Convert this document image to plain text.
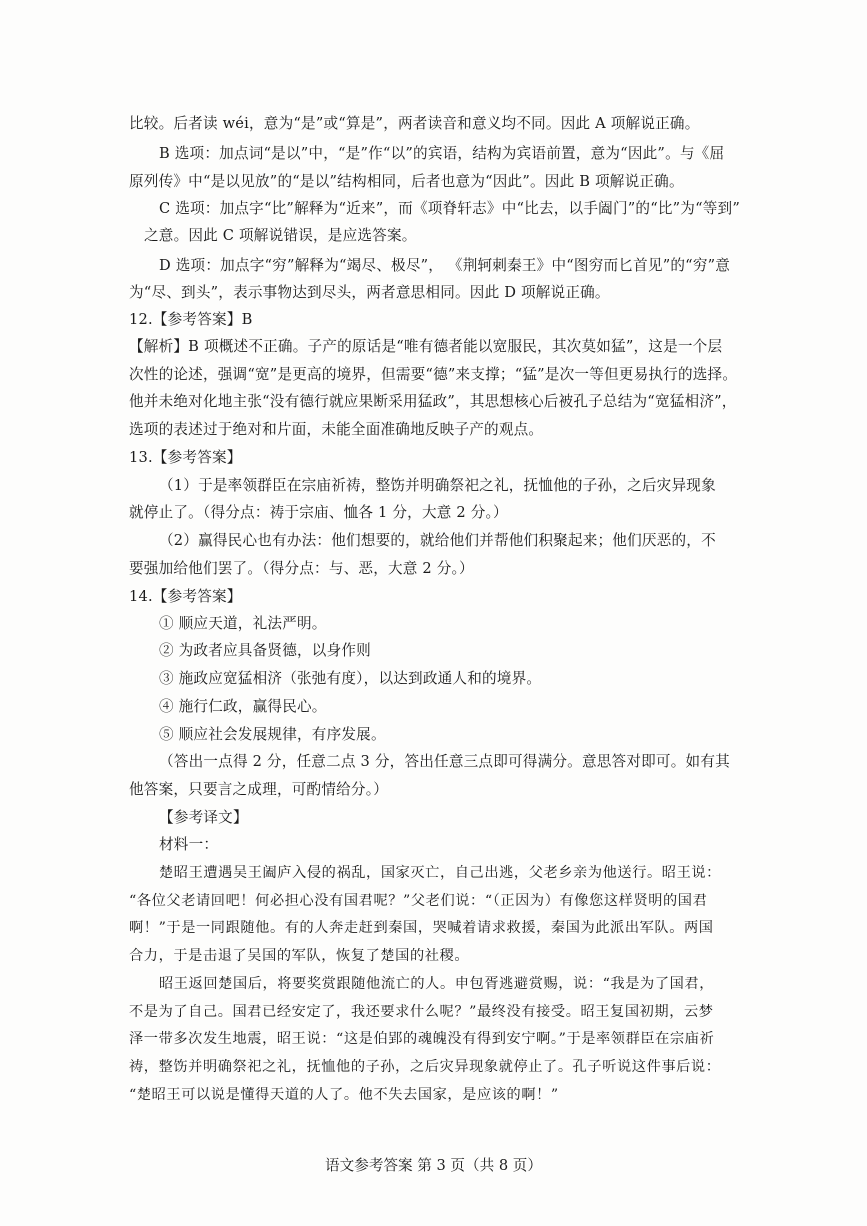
比较。后者读 wéi，意为“是”或“算是”，两者读音和意义均不同。因此 A 项解说正确。
B 选项：加点词“是以”中，“是”作“以”的宾语，结构为宾语前置，意为“因此”。与《屈
原列传》中“是以见放”的“是以”结构相同，后者也意为“因此”。因此 B 项解说正确。
C 选项：加点字“比”解释为“近来”，而《项脊轩志》中“比去，以手阖门”的“比”为“等到”
之意。因此 C 项解说错误，是应选答案。
D 选项：加点字“穷”解释为“竭尽、极尽”， 《荆轲刺秦王》中“图穷而匕首见”的“穷”意
为“尽、到头”，表示事物达到尽头，两者意思相同。因此 D 项解说正确。
12.【参考答案】B
【解析】B 项概述不正确。子产的原话是“唯有德者能以宽服民，其次莫如猛”，这是一个层
次性的论述，强调“宽”是更高的境界，但需要“德”来支撑；“猛”是次一等但更易执行的选择。
他并未绝对化地主张“没有德行就应果断采用猛政”，其思想核心后被孔子总结为“宽猛相济”，
选项的表述过于绝对和片面，未能全面准确地反映子产的观点。
13.【参考答案】
（1）于是率领群臣在宗庙祈祷，整饬并明确祭祀之礼，抚恤他的子孙，之后灾异现象
就停止了。（得分点：祷于宗庙、恤各 1 分，大意 2 分。）
（2）赢得民心也有办法：他们想要的，就给他们并帮他们积聚起来；他们厌恶的，不
要强加给他们罢了。（得分点：与、恶，大意 2 分。）
14.【参考答案】
① 顺应天道，礼法严明。
② 为政者应具备贤德，以身作则
③ 施政应宽猛相济（张弛有度），以达到政通人和的境界。
④ 施行仁政，赢得民心。
⑤ 顺应社会发展规律，有序发展。
（答出一点得 2 分，任意二点 3 分，答出任意三点即可得满分。意思答对即可。如有其
他答案，只要言之成理，可酌情给分。）
【参考译文】
材料一：
楚昭王遭遇吴王阖庐入侵的祸乱，国家灭亡，自己出逃，父老乡亲为他送行。昭王说：
“各位父老请回吧！何必担心没有国君呢？”父老们说：“（正因为）有像您这样贤明的国君
啊！”于是一同跟随他。有的人奔走赶到秦国，哭喊着请求救援，秦国为此派出军队。两国
合力，于是击退了吴国的军队，恢复了楚国的社稷。
昭王返回楚国后，将要奖赏跟随他流亡的人。申包胥逃避赏赐，说：“我是为了国君，
不是为了自己。国君已经安定了，我还要求什么呢？”最终没有接受。昭王复国初期，云梦
泽一带多次发生地震，昭王说：“这是伯郢的魂魄没有得到安宁啊。”于是率领群臣在宗庙祈
祷，整饬并明确祭祀之礼，抚恤他的子孙，之后灾异现象就停止了。孔子听说这件事后说：
“楚昭王可以说是懂得天道的人了。他不失去国家，是应该的啊！”
语文参考答案 第 3 页（共 8 页）
